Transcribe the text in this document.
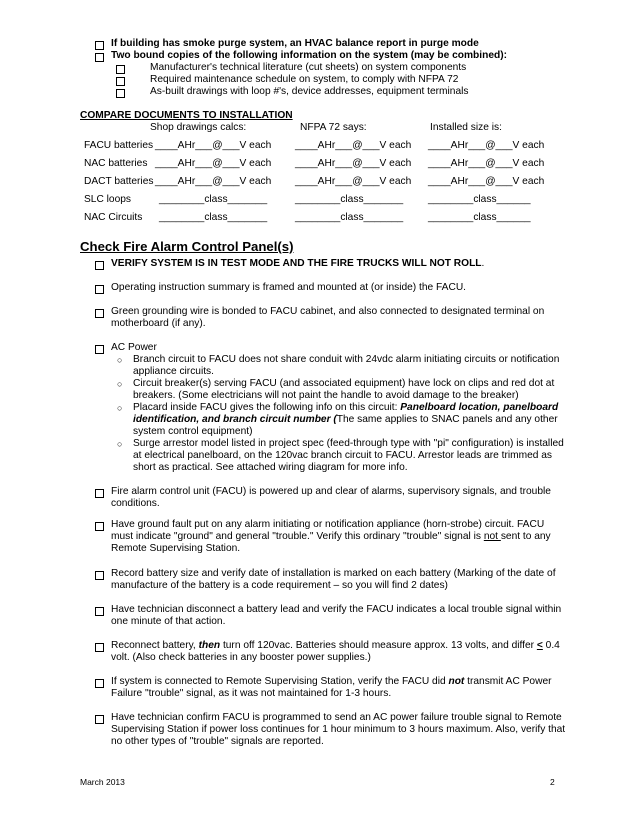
If building has smoke purge system, an HVAC balance report in purge mode
Two bound copies of the following information on the system (may be combined):
Manufacturer's technical literature (cut sheets) on system components
Required maintenance schedule on system, to comply with NFPA 72
As-built drawings with loop #'s, device addresses, equipment terminals
COMPARE DOCUMENTS TO INSTALLATION
Shop drawings calcs:	NFPA 72 says:	Installed size is:
FACU batteries ____AHr___@___V each ____AHr___@___V each ____AHr___@___V each
NAC batteries ____AHr___@___V each ____AHr___@___V each ____AHr___@___V each
DACT batteries ____AHr___@___V each ____AHr___@___V each ____AHr___@___V each
SLC loops	________class_______	________class_______ ________class______
NAC Circuits ________class_______	________class_______ ________class______
Check Fire Alarm Control Panel(s)
VERIFY SYSTEM IS IN TEST MODE AND THE FIRE TRUCKS WILL NOT ROLL.
Operating instruction summary is framed and mounted at (or inside) the FACU.
Green grounding wire is bonded to FACU cabinet, and also connected to designated terminal on
motherboard (if any).
AC Power
○ Branch circuit to FACU does not share conduit with 24vdc alarm initiating circuits or notification
appliance circuits.
○ Circuit breaker(s) serving FACU (and associated equipment) have lock on clips and red dot at
breakers. (Some electricians will not paint the handle to avoid damage to the breaker)
○ Placard inside FACU gives the following info on this circuit: Panelboard location, panelboard
identification, and branch circuit number (The same applies to SNAC panels and any other
system control equipment)
○ Surge arrestor model listed in project spec (feed-through type with "pi" configuration) is installed
at electrical panelboard, on the 120vac branch circuit to FACU. Arrestor leads are trimmed as
short as practical. See attached wiring diagram for more info.
Fire alarm control unit (FACU) is powered up and clear of alarms, supervisory signals, and trouble
conditions.
Have ground fault put on any alarm initiating or notification appliance (horn-strobe) circuit. FACU
must indicate "ground" and general "trouble." Verify this ordinary "trouble" signal is not sent to any
Remote Supervising Station.
Record battery size and verify date of installation is marked on each battery (Marking of the date of
manufacture of the battery is a code requirement – so you will find 2 dates)
Have technician disconnect a battery lead and verify the FACU indicates a local trouble signal within
one minute of that action.
Reconnect battery, then turn off 120vac. Batteries should measure approx. 13 volts, and differ < 0.4
volt. (Also check batteries in any booster power supplies.)
If system is connected to Remote Supervising Station, verify the FACU did not transmit AC Power
Failure "trouble" signal, as it was not maintained for 1-3 hours.
Have technician confirm FACU is programmed to send an AC power failure trouble signal to Remote
Supervising Station if power loss continues for 1 hour minimum to 3 hours maximum. Also, verify that
no other types of "trouble" signals are reported.
March 2013	2
